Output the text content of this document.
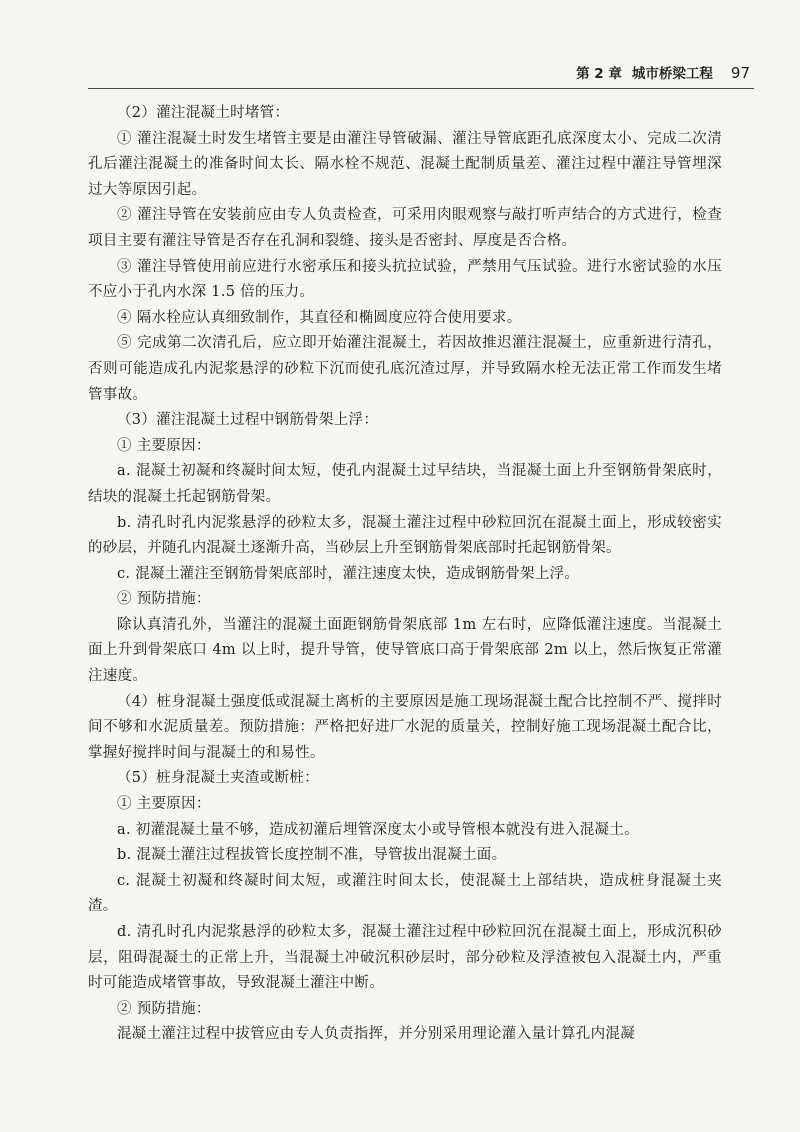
第 2 章 城市桥梁工程 97

（2）灌注混凝土时堵管：

① 灌注混凝土时发生堵管主要是由灌注导管破漏、灌注导管底距孔底深度太小、完成二次清孔后灌注混凝土的准备时间太长、隔水栓不规范、混凝土配制质量差、灌注过程中灌注导管埋深过大等原因引起。

② 灌注导管在安装前应由专人负责检查，可采用肉眼观察与敲打听声结合的方式进行，检查项目主要有灌注导管是否存在孔洞和裂缝、接头是否密封、厚度是否合格。

③ 灌注导管使用前应进行水密承压和接头抗拉试验，严禁用气压试验。进行水密试验的水压不应小于孔内水深 1.5 倍的压力。

④ 隔水栓应认真细致制作，其直径和椭圆度应符合使用要求。

⑤ 完成第二次清孔后，应立即开始灌注混凝土，若因故推迟灌注混凝土，应重新进行清孔，否则可能造成孔内泥浆悬浮的砂粒下沉而使孔底沉渣过厚，并导致隔水栓无法正常工作而发生堵管事故。

（3）灌注混凝土过程中钢筋骨架上浮：

① 主要原因：

a. 混凝土初凝和终凝时间太短，使孔内混凝土过早结块，当混凝土面上升至钢筋骨架底时，结块的混凝土托起钢筋骨架。

b. 清孔时孔内泥浆悬浮的砂粒太多，混凝土灌注过程中砂粒回沉在混凝土面上，形成较密实的砂层，并随孔内混凝土逐渐升高，当砂层上升至钢筋骨架底部时托起钢筋骨架。

c. 混凝土灌注至钢筋骨架底部时，灌注速度太快，造成钢筋骨架上浮。

② 预防措施：

除认真清孔外，当灌注的混凝土面距钢筋骨架底部 1m 左右时，应降低灌注速度。当混凝土面上升到骨架底口 4m 以上时，提升导管，使导管底口高于骨架底部 2m 以上，然后恢复正常灌注速度。

（4）桩身混凝土强度低或混凝土离析的主要原因是施工现场混凝土配合比控制不严、搅拌时间不够和水泥质量差。预防措施：严格把好进厂水泥的质量关，控制好施工现场混凝土配合比，掌握好搅拌时间与混凝土的和易性。

（5）桩身混凝土夹渣或断桩：

① 主要原因：

a. 初灌混凝土量不够，造成初灌后埋管深度太小或导管根本就没有进入混凝土。

b. 混凝土灌注过程拔管长度控制不准，导管拔出混凝土面。

c. 混凝土初凝和终凝时间太短，或灌注时间太长，使混凝土上部结块，造成桩身混凝土夹渣。

d. 清孔时孔内泥浆悬浮的砂粒太多，混凝土灌注过程中砂粒回沉在混凝土面上，形成沉积砂层，阻碍混凝土的正常上升，当混凝土冲破沉积砂层时，部分砂粒及浮渣被包入混凝土内，严重时可能造成堵管事故，导致混凝土灌注中断。

② 预防措施：

混凝土灌注过程中拔管应由专人负责指挥，并分别采用理论灌入量计算孔内混凝
